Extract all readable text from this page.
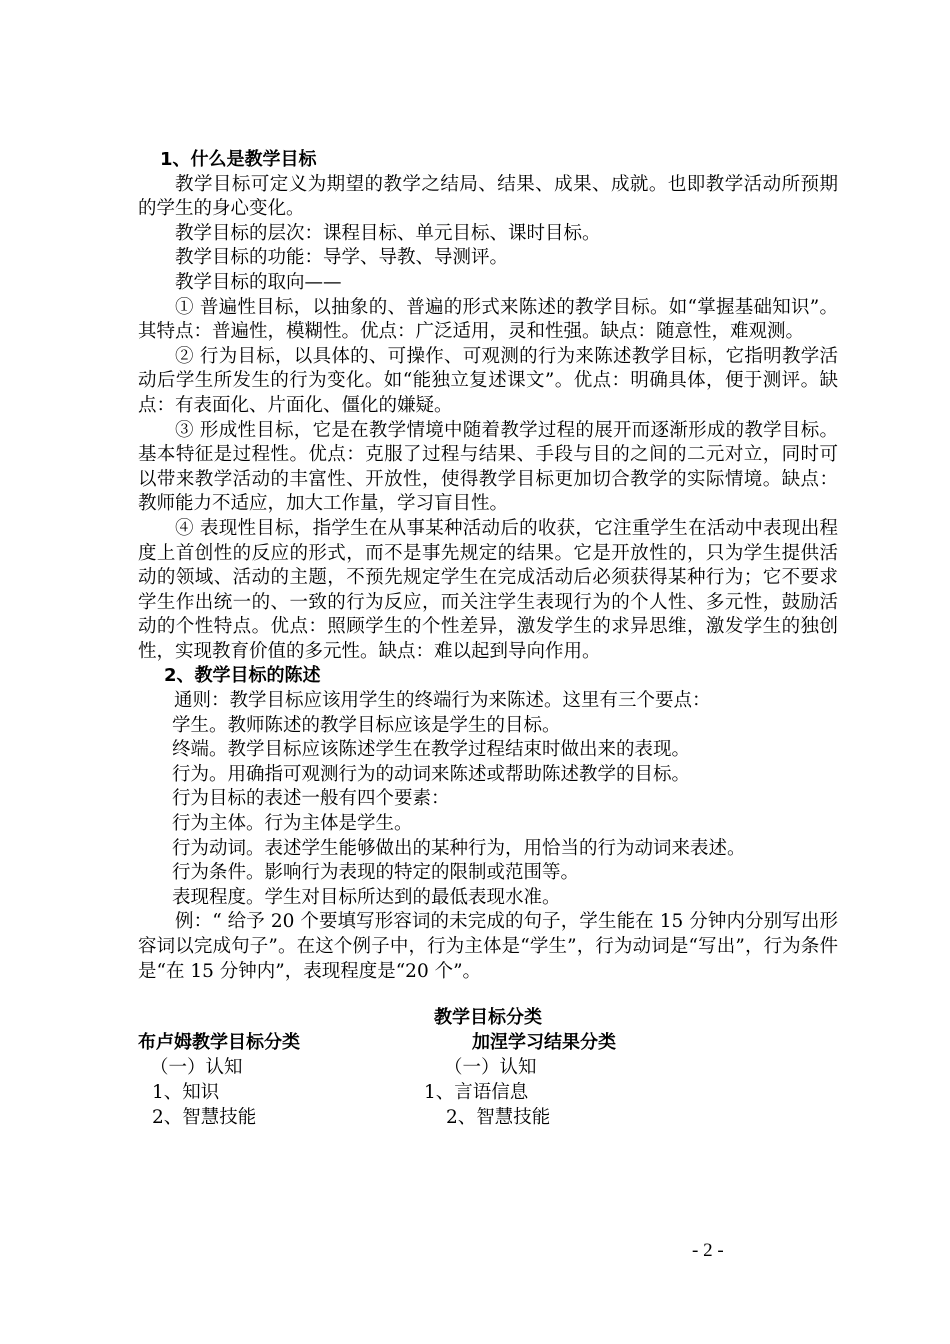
1、什么是教学目标

教学目标可定义为期望的教学之结局、结果、成果、成就。也即教学活动所预期的学生的身心变化。

教学目标的层次：课程目标、单元目标、课时目标。

教学目标的功能：导学、导教、导测评。

教学目标的取向——

① 普遍性目标，以抽象的、普遍的形式来陈述的教学目标。如“掌握基础知识”。其特点：普遍性，模糊性。优点：广泛适用，灵和性强。缺点：随意性，难观测。

② 行为目标，以具体的、可操作、可观测的行为来陈述教学目标，它指明教学活动后学生所发生的行为变化。如“能独立复述课文”。优点：明确具体，便于测评。缺点：有表面化、片面化、僵化的嫌疑。

③ 形成性目标，它是在教学情境中随着教学过程的展开而逐渐形成的教学目标。基本特征是过程性。优点：克服了过程与结果、手段与目的之间的二元对立，同时可以带来教学活动的丰富性、开放性，使得教学目标更加切合教学的实际情境。缺点：教师能力不适应，加大工作量，学习盲目性。

④ 表现性目标，指学生在从事某种活动后的收获，它注重学生在活动中表现出程度上首创性的反应的形式，而不是事先规定的结果。它是开放性的，只为学生提供活动的领域、活动的主题，不预先规定学生在完成活动后必须获得某种行为；它不要求学生作出统一的、一致的行为反应，而关注学生表现行为的个人性、多元性，鼓励活动的个性特点。优点：照顾学生的个性差异，激发学生的求异思维，激发学生的独创性，实现教育价值的多元性。缺点：难以起到导向作用。

2、教学目标的陈述
通则：教学目标应该用学生的终端行为来陈述。这里有三个要点：
学生。教师陈述的教学目标应该是学生的目标。
终端。教学目标应该陈述学生在教学过程结束时做出来的表现。
行为。用确指可观测行为的动词来陈述或帮助陈述教学的目标。
行为目标的表述一般有四个要素：
行为主体。行为主体是学生。
行为动词。表述学生能够做出的某种行为，用恰当的行为动词来表述。
行为条件。影响行为表现的特定的限制或范围等。
表现程度。学生对目标所达到的最低表现水准。

例：“ 给予 20 个要填写形容词的未完成的句子，学生能在 15 分钟内分别写出形容词以完成句子”。在这个例子中，行为主体是“学生”，行为动词是“写出”，行为条件是“在 15 分钟内”，表现程度是“20 个”。

教学目标分类
布卢姆教学目标分类
（一）认知
1、知识
2、智慧技能
加涅学习结果分类
（一）认知
1、言语信息
2、智慧技能
- 2 -
